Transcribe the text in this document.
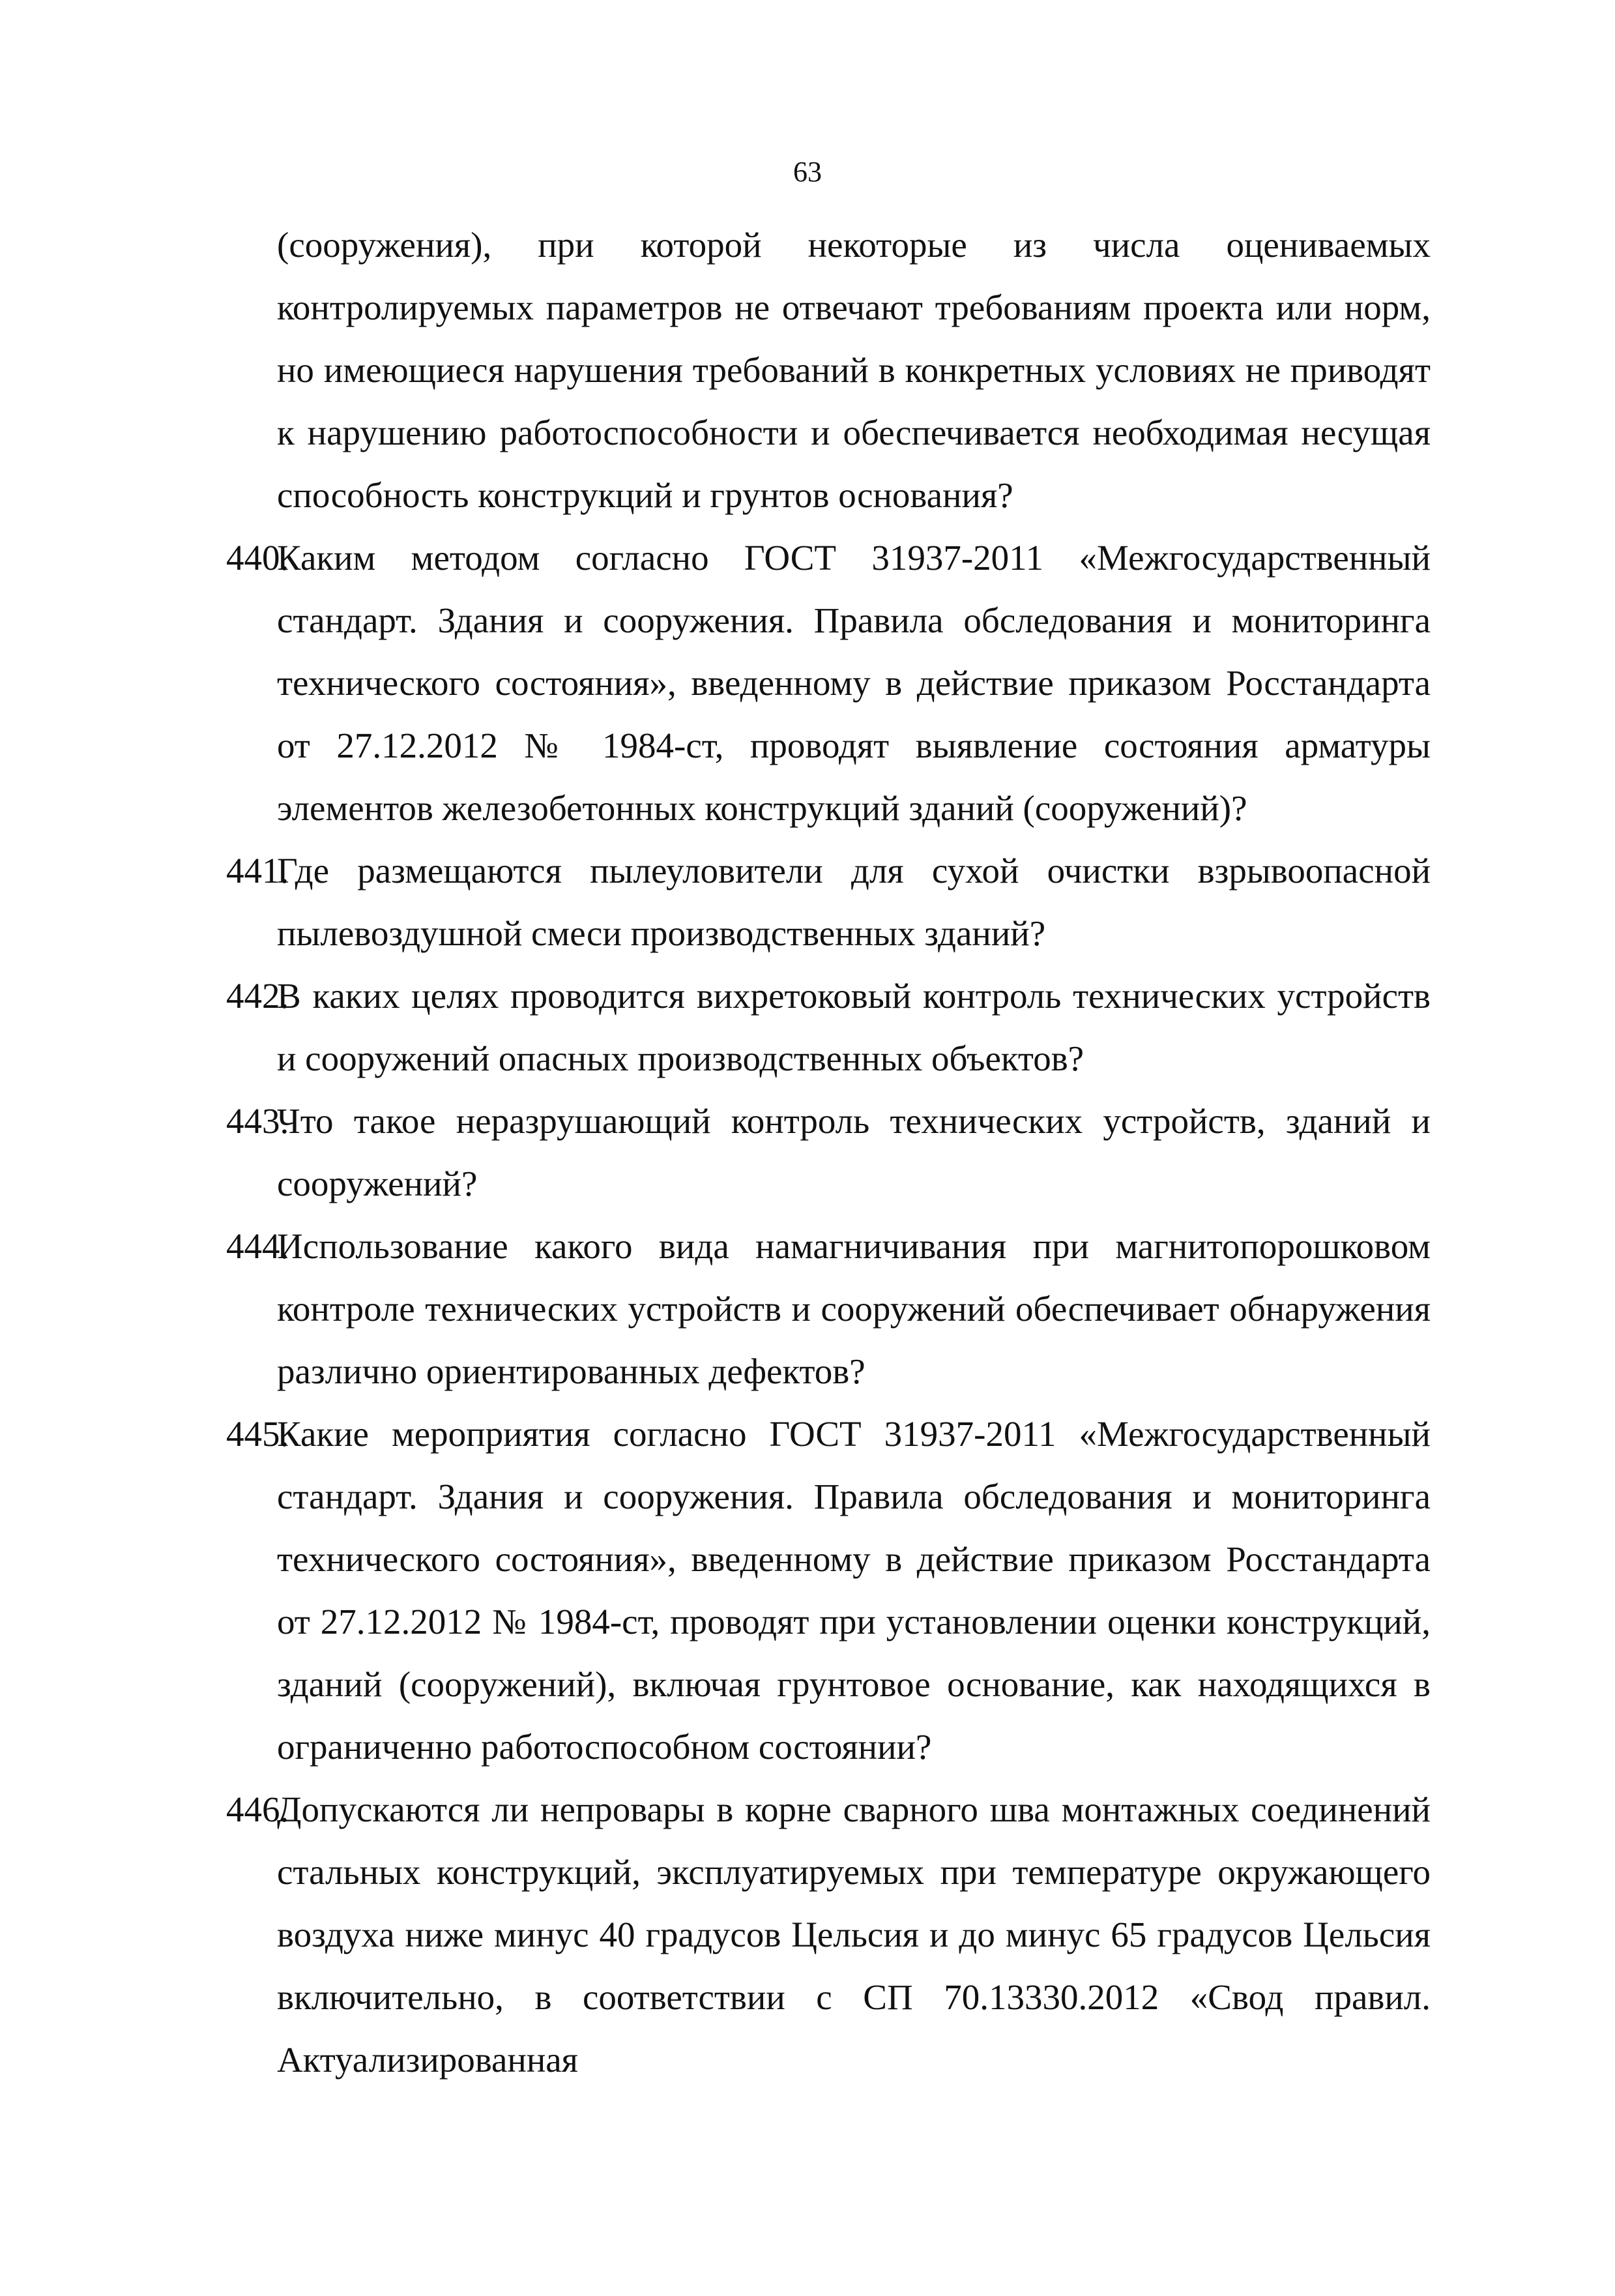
63

(сооружения), при которой некоторые из числа оцениваемых контролируемых параметров не отвечают требованиям проекта или норм, но имеющиеся нарушения требований в конкретных условиях не приводят к нарушению работоспособности и обеспечивается необходимая несущая способность конструкций и грунтов основания?

440.
Каким методом согласно ГОСТ 31937-2011 «Межгосударственный стандарт. Здания и сооружения. Правила обследования и мониторинга технического состояния», введенному в действие приказом Росстандарта от 27.12.2012 № 1984-ст, проводят выявление состояния арматуры элементов железобетонных конструкций зданий (сооружений)?
441.
Где размещаются пылеуловители для сухой очистки взрывоопасной пылевоздушной смеси производственных зданий?
442.
В каких целях проводится вихретоковый контроль технических устройств и сооружений опасных производственных объектов?
443.
Что такое неразрушающий контроль технических устройств, зданий и сооружений?
444.
Использование какого вида намагничивания при магнитопорошковом контроле технических устройств и сооружений обеспечивает обнаружения различно ориентированных дефектов?
445.
Какие мероприятия согласно ГОСТ 31937-2011 «Межгосударственный стандарт. Здания и сооружения. Правила обследования и мониторинга технического состояния», введенному в действие приказом Росстандарта от 27.12.2012 № 1984-ст, проводят при установлении оценки конструкций, зданий (сооружений), включая грунтовое основание, как находящихся в ограниченно работоспособном состоянии?
446.
Допускаются ли непровары в корне сварного шва монтажных соединений стальных конструкций, эксплуатируемых при температуре окружающего воздуха ниже минус 40 градусов Цельсия и до минус 65 градусов Цельсия включительно, в соответствии с СП 70.13330.2012 «Свод правил. Актуализированная
